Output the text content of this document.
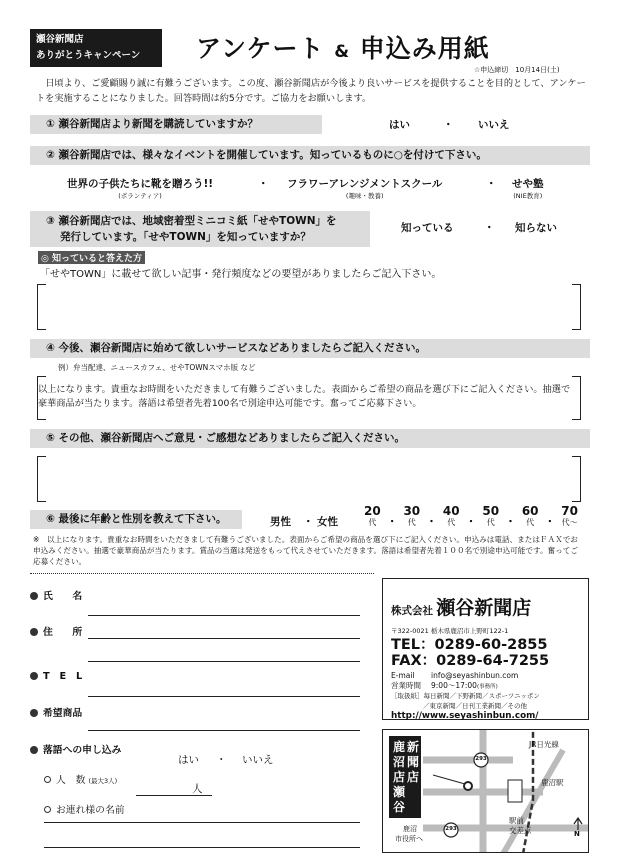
瀬谷新聞店
ありがとうキャンペーン	アンケート & 申込み用紙
☆申込締切　10月14日(土)
日頃より、ご愛顧賜り誠に有難うございます。この度、瀬谷新聞店が今後より良いサービスを提供することを目的として、アンケートを実施することになりました。回答時間は約5分です。ご協力をお願いします。
① 瀬谷新聞店より新聞を購読していますか？	はい	・ いいえ
② 瀬谷新聞店では、様々なイベントを開催しています。知っているものに○を付けて下さい。
世界の子供たちに靴を贈ろう!!
(ボランティア)
・ フラワーアレンジメントスクール
(趣味・教養)
・ せや塾
(NIE教育)
③ 瀬谷新聞店では、地域密着型ミニコミ紙「せやTOWN」を
発行しています。「せやTOWN」を知っていますか？
知っている	・ 知らない
◎ 知っていると答えた方
「せやTOWN」に載せて欲しい記事・発行頻度などの要望がありましたらご記入下さい。
④ 今後、瀬谷新聞店に始めて欲しいサービスなどありましたらご記入ください。
例）弁当配達、ニュースカフェ、せやTOWNスマホ版 など
以上になります。貴重なお時間をいただきまして有難うございました。表面からご希望の商品を選び下にご記入ください。抽選で豪華商品が当たります。落語は希望者先着100名で別途申込可能です。奮ってご応募下さい。
⑤ その他、瀬谷新聞店へご意見・ご感想などありましたらご記入ください。
⑥ 最後に年齢と性別を教えて下さい。	男性 ・ 女性
20
代 ・
30
代 ・
40
代 ・
50
代 ・
60
代 ・
70
代〜
※　以上になります。貴重なお時間をいただきまして有難うございました。表面からご希望の商品を選び下にご記入ください。申込みは電話、またはＦＡＸでお申込みください。抽選で豪華商品が当たります。賞品の当選は発送をもって代えさせていただきます。落語は希望者先着１００名で別途申込可能です。奮ってご応募ください。
氏　　名
住　　所
T　E　L
希望商品
落語への申し込み
はい ・ いいえ
人　数 (最大3人)
人
お連れ様の名前
株式会社 瀬谷新聞店
〒322-0021 栃木県鹿沼市上野町122-1
TEL：0289-60-2855
FAX：0289-64-7255
E-mail info@seyashinbun.com
営業時間 9:00～17:00(事務所)
［取扱紙］毎日新聞／下野新聞／スポーツニッポン
／東京新聞／日刊工業新聞／その他
http://www.seyashinbun.com/
鹿
沼
店
瀬
谷
新
聞
店
JR日光線
鹿沼駅
駅前
交差点
鹿沼
市役所へ
293
293
N
